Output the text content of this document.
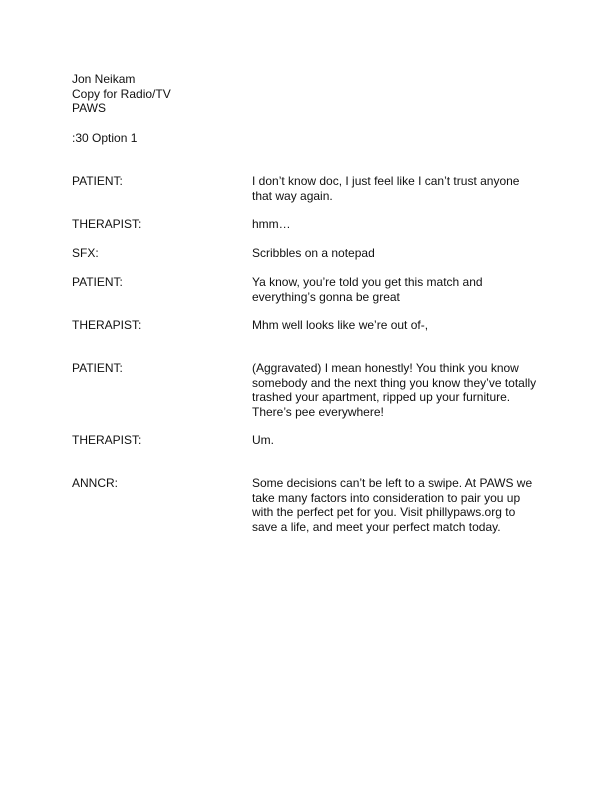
Jon Neikam
Copy for Radio/TV
PAWS
:30 Option 1
PATIENT:	I don’t know doc, I just feel like I can’t trust anyone that way again.
THERAPIST:	hmm…
SFX:	Scribbles on a notepad
PATIENT:	Ya know, you’re told you get this match and everything’s gonna be great
THERAPIST:	Mhm well looks like we’re out of-,
PATIENT:	(Aggravated) I mean honestly! You think you know somebody and the next thing you know they’ve totally trashed your apartment, ripped up your furniture. There’s pee everywhere!
THERAPIST:	Um.
ANNCR:	Some decisions can’t be left to a swipe. At PAWS we take many factors into consideration to pair you up with the perfect pet for you. Visit phillypaws.org to save a life, and meet your perfect match today.
